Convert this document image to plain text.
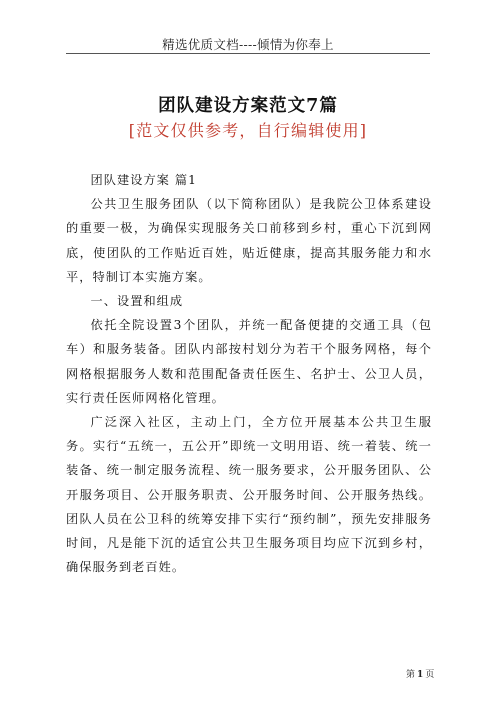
精选优质文档----倾情为你奉上
团队建设方案范文7篇
[范文仅供参考，自行编辑使用]

团队建设方案 篇1

公共卫生服务团队（以下简称团队）是我院公卫体系建设的重要一极，为确保实现服务关口前移到乡村，重心下沉到网底，使团队的工作贴近百姓，贴近健康，提高其服务能力和水平，特制订本实施方案。

一、设置和组成

依托全院设置3个团队，并统一配备便捷的交通工具（包车）和服务装备。团队内部按村划分为若干个服务网格，每个网格根据服务人数和范围配备责任医生、名护士、公卫人员，实行责任医师网格化管理。

广泛深入社区，主动上门，全方位开展基本公共卫生服务。实行“五统一，五公开”即统一文明用语、统一着装、统一装备、统一制定服务流程、统一服务要求，公开服务团队、公开服务项目、公开服务职责、公开服务时间、公开服务热线。团队人员在公卫科的统筹安排下实行“预约制”，预先安排服务时间，凡是能下沉的适宜公共卫生服务项目均应下沉到乡村，确保服务到老百姓。

第 1 页
